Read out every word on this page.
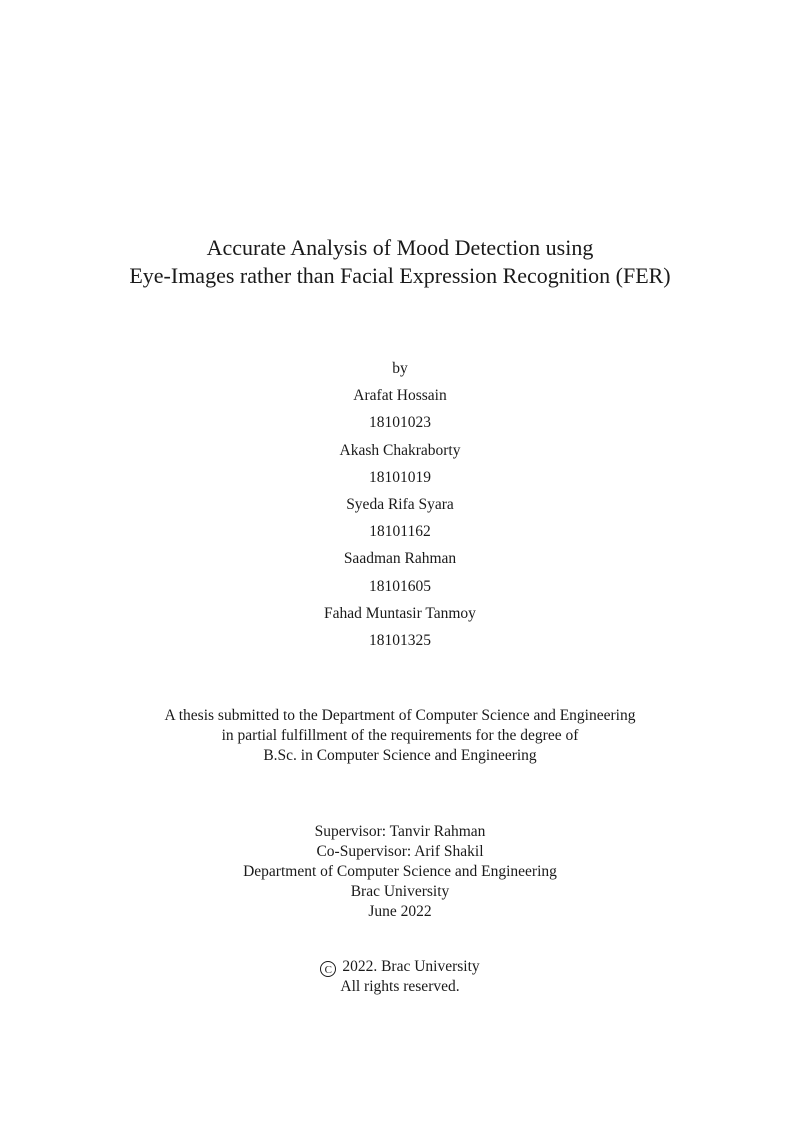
Accurate Analysis of Mood Detection using
Eye-Images rather than Facial Expression Recognition (FER)
by
Arafat Hossain
18101023
Akash Chakraborty
18101019
Syeda Rifa Syara
18101162
Saadman Rahman
18101605
Fahad Muntasir Tanmoy
18101325
A thesis submitted to the Department of Computer Science and Engineering
in partial fulfillment of the requirements for the degree of
B.Sc. in Computer Science and Engineering
Supervisor: Tanvir Rahman
Co-Supervisor: Arif Shakil
Department of Computer Science and Engineering
Brac University
June 2022
C 2022. Brac University
All rights reserved.
